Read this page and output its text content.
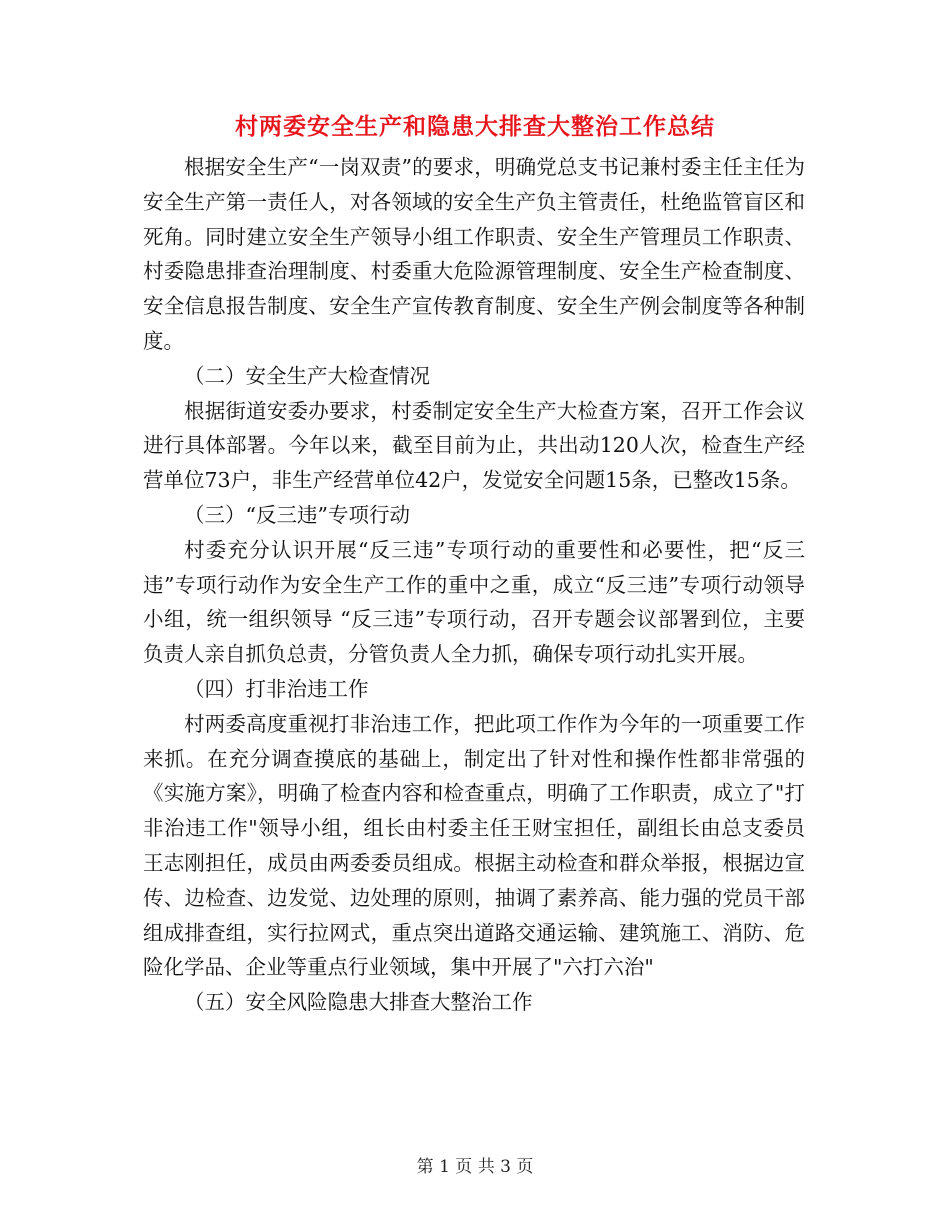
村两委安全生产和隐患大排查大整治工作总结

根据安全生产“一岗双责”的要求，明确党总支书记兼村委主任主任为安全生产第一责任人，对各领域的安全生产负主管责任，杜绝监管盲区和死角。同时建立安全生产领导小组工作职责、安全生产管理员工作职责、村委隐患排查治理制度、村委重大危险源管理制度、安全生产检查制度、安全信息报告制度、安全生产宣传教育制度、安全生产例会制度等各种制度。

（二）安全生产大检查情况

根据街道安委办要求，村委制定安全生产大检查方案，召开工作会议进行具体部署。今年以来，截至目前为止，共出动120人次，检查生产经营单位73户，非生产经营单位42户，发觉安全问题15条，已整改15条。

（三）“反三违”专项行动

村委充分认识开展“反三违”专项行动的重要性和必要性，把“反三违”专项行动作为安全生产工作的重中之重，成立“反三违”专项行动领导小组，统一组织领导 “反三违”专项行动，召开专题会议部署到位，主要负责人亲自抓负总责，分管负责人全力抓，确保专项行动扎实开展。

（四）打非治违工作

村两委高度重视打非治违工作，把此项工作作为今年的一项重要工作来抓。在充分调查摸底的基础上，制定出了针对性和操作性都非常强的《实施方案》，明确了检查内容和检查重点，明确了工作职责，成立了"打非治违工作"领导小组，组长由村委主任王财宝担任，副组长由总支委员王志刚担任，成员由两委委员组成。根据主动检查和群众举报，根据边宣传、边检查、边发觉、边处理的原则，抽调了素养高、能力强的党员干部组成排查组，实行拉网式，重点突出道路交通运输、建筑施工、消防、危险化学品、企业等重点行业领域，集中开展了"六打六治"

（五）安全风险隐患大排查大整治工作

第 1 页 共 3 页
